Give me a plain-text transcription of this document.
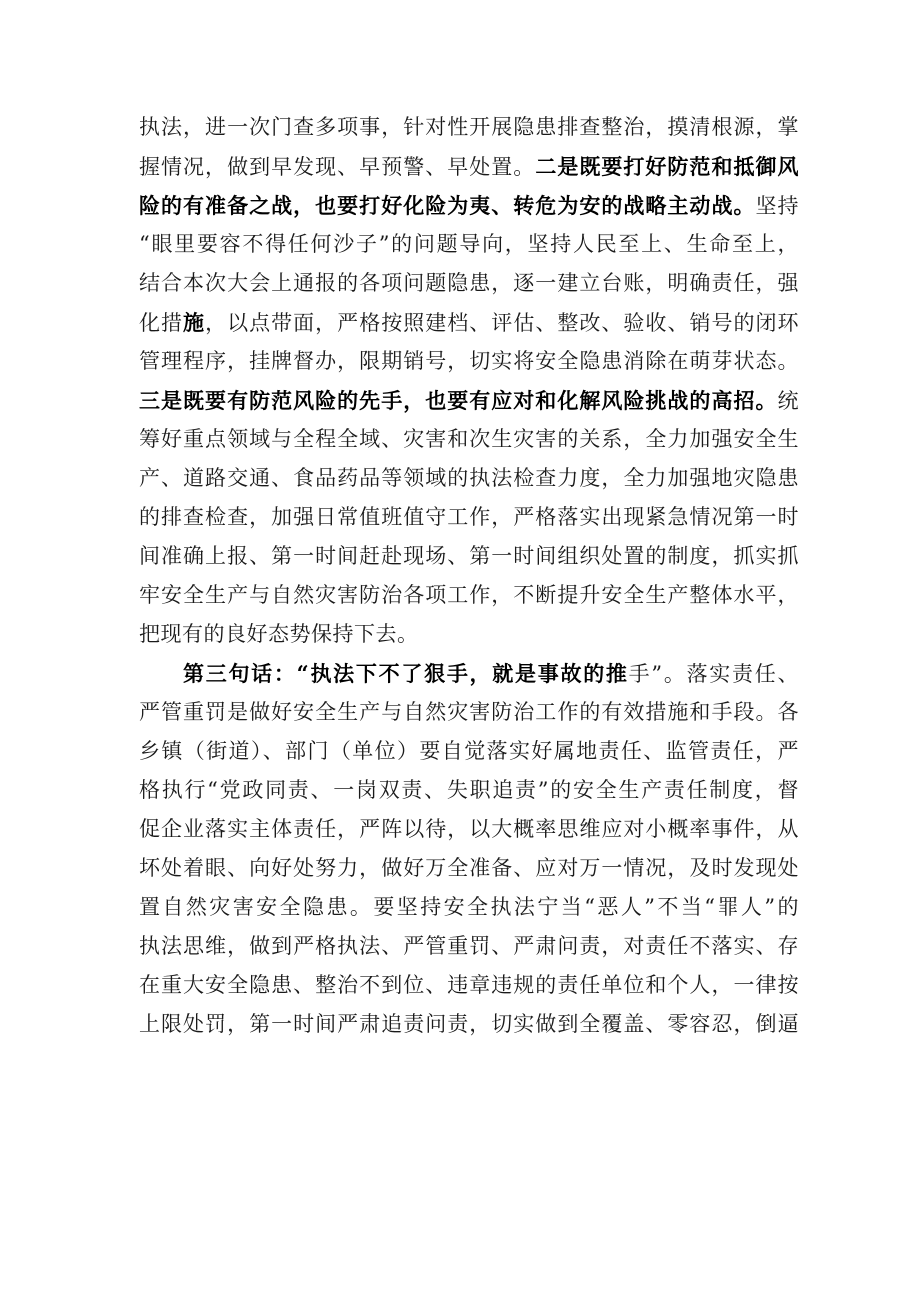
执法，进一次门查多项事，针对性开展隐患排查整治，摸清根源，掌
握情况，做到早发现、早预警、早处置。二是既要打好防范和抵御风
险的有准备之战，也要打好化险为夷、转危为安的战略主动战。坚持
“眼里要容不得任何沙子”的问题导向，坚持人民至上、生命至上，
结合本次大会上通报的各项问题隐患，逐一建立台账，明确责任，强
化措施，以点带面，严格按照建档、评估、整改、验收、销号的闭环
管理程序，挂牌督办，限期销号，切实将安全隐患消除在萌芽状态。
三是既要有防范风险的先手，也要有应对和化解风险挑战的高招。统
筹好重点领域与全程全域、灾害和次生灾害的关系，全力加强安全生
产、道路交通、食品药品等领域的执法检查力度，全力加强地灾隐患
的排查检查，加强日常值班值守工作，严格落实出现紧急情况第一时
间准确上报、第一时间赶赴现场、第一时间组织处置的制度，抓实抓
牢安全生产与自然灾害防治各项工作，不断提升安全生产整体水平，
把现有的良好态势保持下去。
第三句话：“执法下不了狠手，就是事故的推手”。落实责任、
严管重罚是做好安全生产与自然灾害防治工作的有效措施和手段。各
乡镇（街道）、部门（单位）要自觉落实好属地责任、监管责任，严
格执行“党政同责、一岗双责、失职追责”的安全生产责任制度，督
促企业落实主体责任，严阵以待，以大概率思维应对小概率事件，从
坏处着眼、向好处努力，做好万全准备、应对万一情况，及时发现处
置自然灾害安全隐患。要坚持安全执法宁当“恶人”不当“罪人”的
执法思维，做到严格执法、严管重罚、严肃问责，对责任不落实、存
在重大安全隐患、整治不到位、违章违规的责任单位和个人，一律按
上限处罚，第一时间严肃追责问责，切实做到全覆盖、零容忍，倒逼
